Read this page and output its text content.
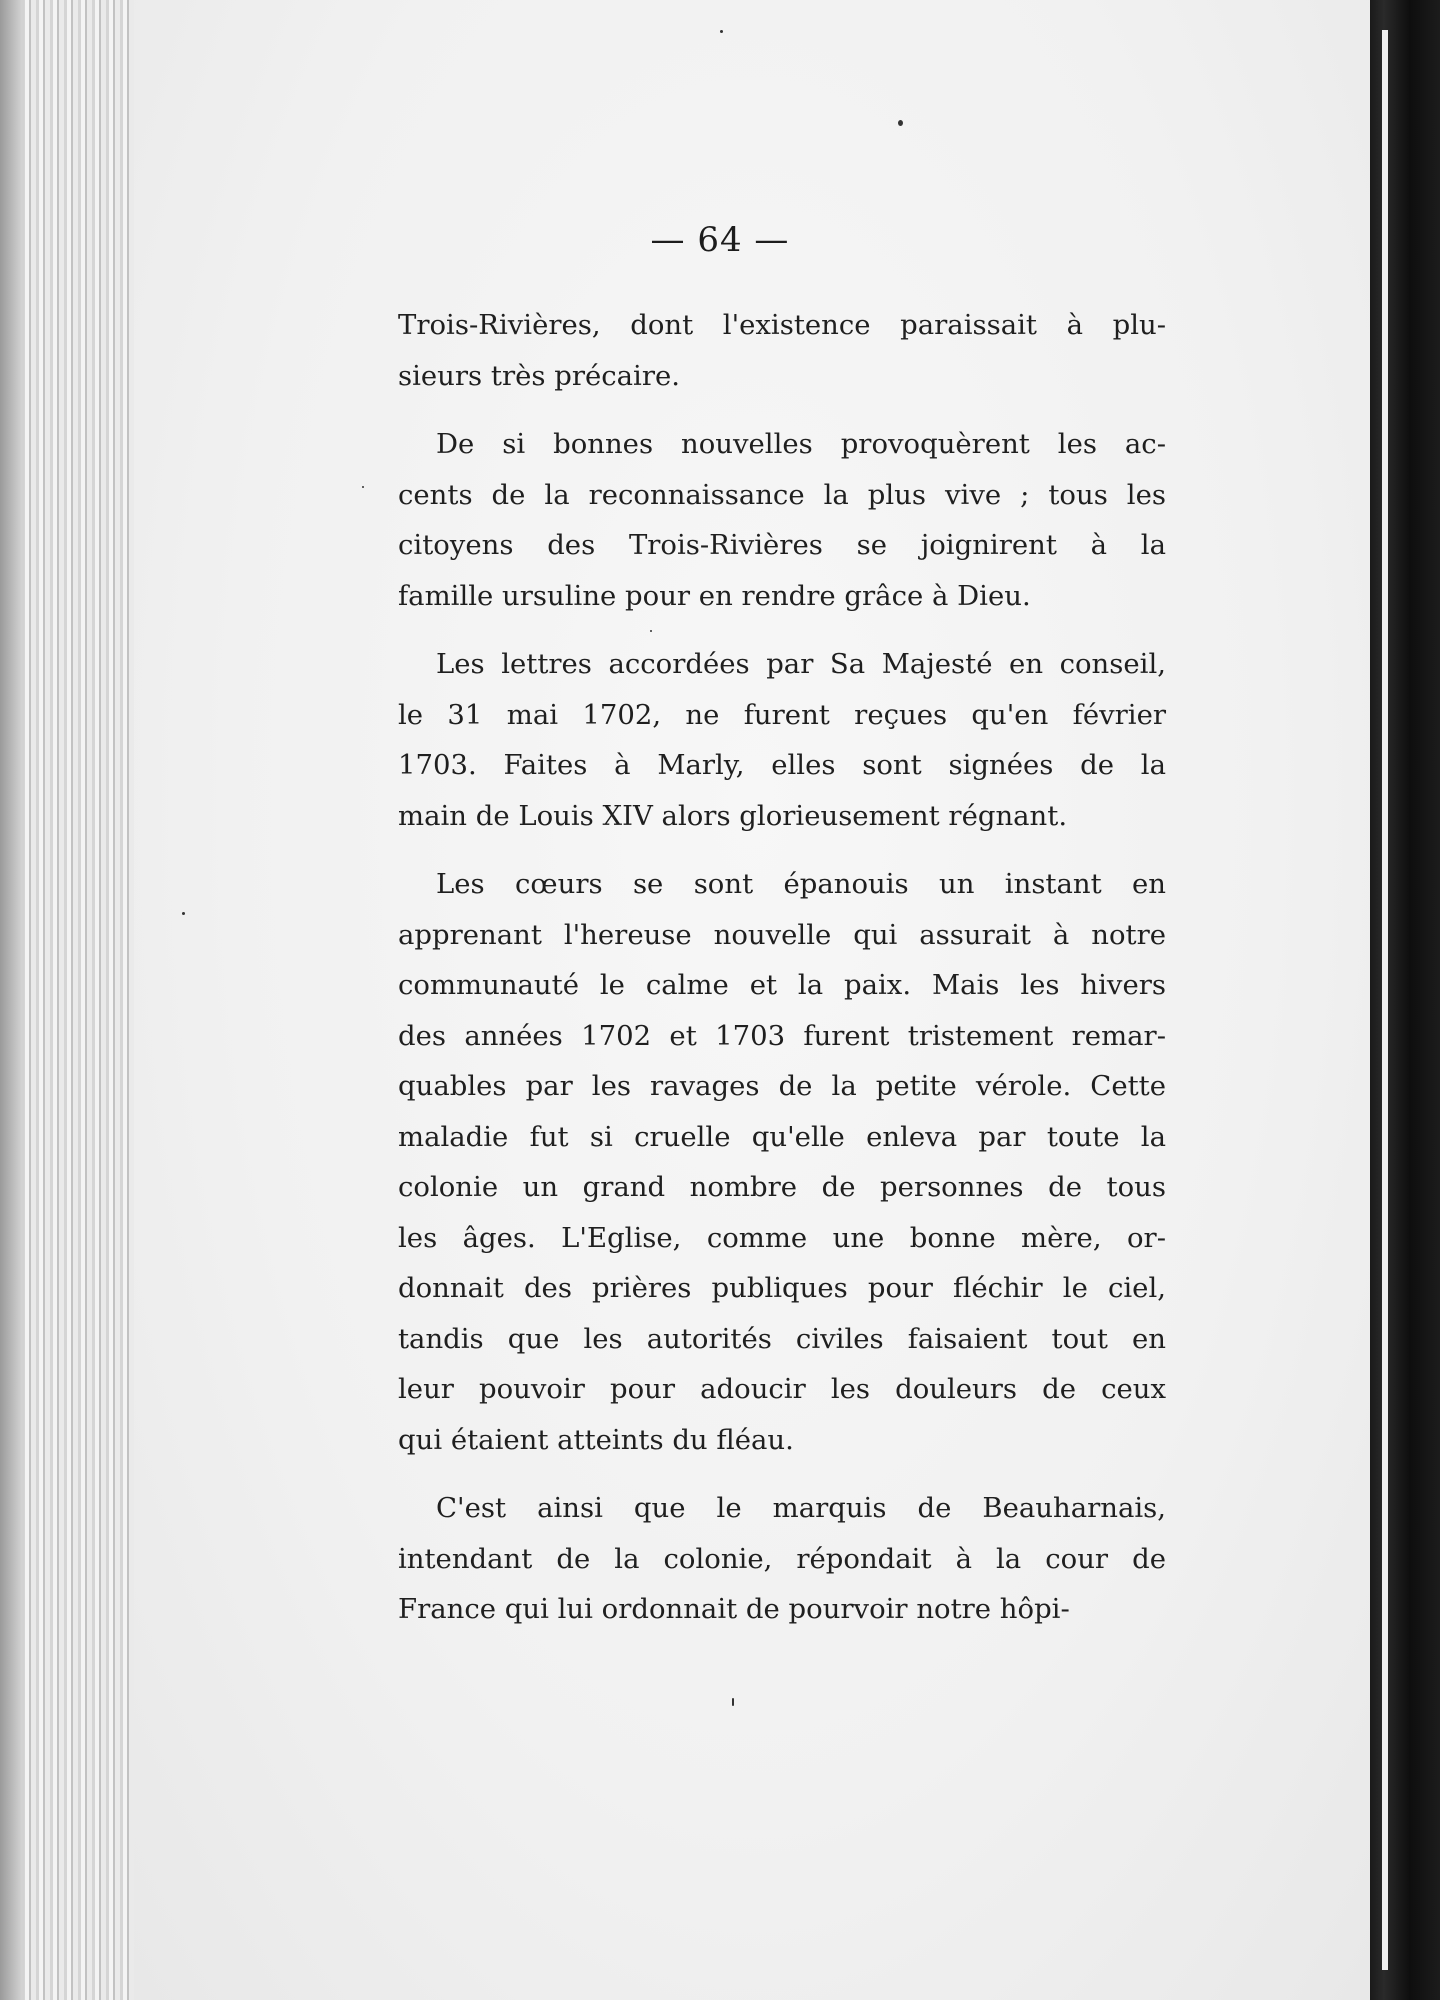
— 64 —
Trois-Rivières, dont l'existence paraissait à plu-
sieurs très précaire.
De si bonnes nouvelles provoquèrent les ac-
cents de la reconnaissance la plus vive ; tous les
citoyens des Trois-Rivières se joignirent à la
famille ursuline pour en rendre grâce à Dieu.
Les lettres accordées par Sa Majesté en conseil,
le 31 mai 1702, ne furent reçues qu'en février
1703. Faites à Marly, elles sont signées de la
main de Louis XIV alors glorieusement régnant.
Les cœurs se sont épanouis un instant en
apprenant l'hereuse nouvelle qui assurait à notre
communauté le calme et la paix. Mais les hivers
des années 1702 et 1703 furent tristement remar-
quables par les ravages de la petite vérole. Cette
maladie fut si cruelle qu'elle enleva par toute la
colonie un grand nombre de personnes de tous
les âges. L'Eglise, comme une bonne mère, or-
donnait des prières publiques pour fléchir le ciel,
tandis que les autorités civiles faisaient tout en
leur pouvoir pour adoucir les douleurs de ceux
qui étaient atteints du fléau.
C'est ainsi que le marquis de Beauharnais,
intendant de la colonie, répondait à la cour de
France qui lui ordonnait de pourvoir notre hôpi-
